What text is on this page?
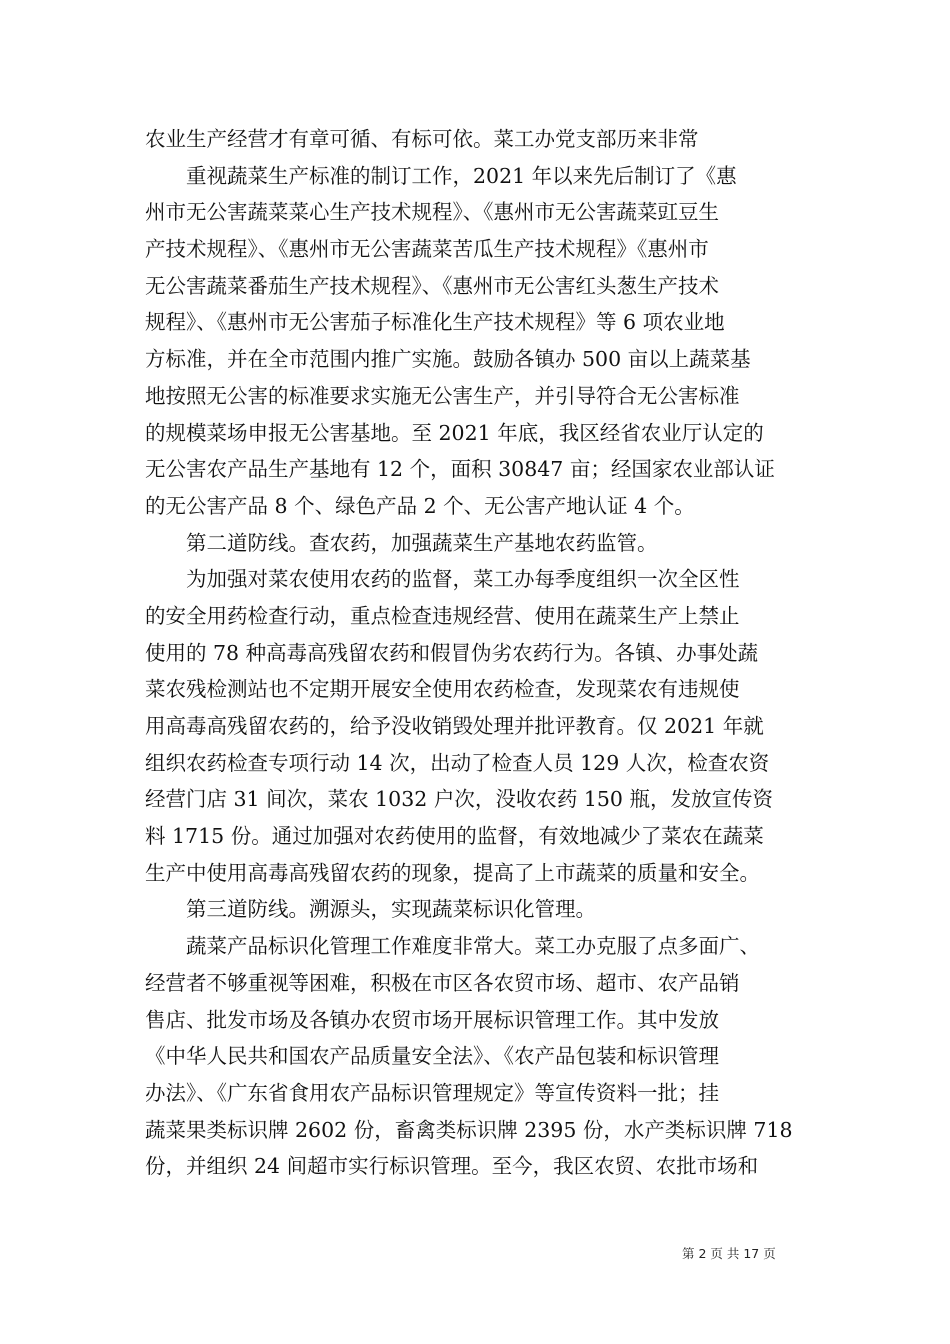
农业生产经营才有章可循、有标可依。菜工办党支部历来非常
重视蔬菜生产标准的制订工作，2021 年以来先后制订了《惠
州市无公害蔬菜菜心生产技术规程》、《惠州市无公害蔬菜豇豆生
产技术规程》、《惠州市无公害蔬菜苦瓜生产技术规程》《惠州市
无公害蔬菜番茄生产技术规程》、《惠州市无公害红头葱生产技术
规程》、《惠州市无公害茄子标准化生产技术规程》等 6 项农业地
方标准，并在全市范围内推广实施。鼓励各镇办 500 亩以上蔬菜基
地按照无公害的标准要求实施无公害生产，并引导符合无公害标准
的规模菜场申报无公害基地。至 2021 年底，我区经省农业厅认定的
无公害农产品生产基地有 12 个，面积 30847 亩；经国家农业部认证
的无公害产品 8 个、绿色产品 2 个、无公害产地认证 4 个。
第二道防线。查农药，加强蔬菜生产基地农药监管。
为加强对菜农使用农药的监督，菜工办每季度组织一次全区性
的安全用药检查行动，重点检查违规经营、使用在蔬菜生产上禁止
使用的 78 种高毒高残留农药和假冒伪劣农药行为。各镇、办事处蔬
菜农残检测站也不定期开展安全使用农药检查，发现菜农有违规使
用高毒高残留农药的，给予没收销毁处理并批评教育。仅 2021 年就
组织农药检查专项行动 14 次，出动了检查人员 129 人次，检查农资
经营门店 31 间次，菜农 1032 户次，没收农药 150 瓶，发放宣传资
料 1715 份。通过加强对农药使用的监督，有效地减少了菜农在蔬菜
生产中使用高毒高残留农药的现象，提高了上市蔬菜的质量和安全。
第三道防线。溯源头，实现蔬菜标识化管理。
蔬菜产品标识化管理工作难度非常大。菜工办克服了点多面广、
经营者不够重视等困难，积极在市区各农贸市场、超市、农产品销
售店、批发市场及各镇办农贸市场开展标识管理工作。其中发放
《中华人民共和国农产品质量安全法》、《农产品包装和标识管理
办法》、《广东省食用农产品标识管理规定》等宣传资料一批；挂
蔬菜果类标识牌 2602 份，畜禽类标识牌 2395 份，水产类标识牌 718
份，并组织 24 间超市实行标识管理。至今，我区农贸、农批市场和
第 2 页 共 17 页
